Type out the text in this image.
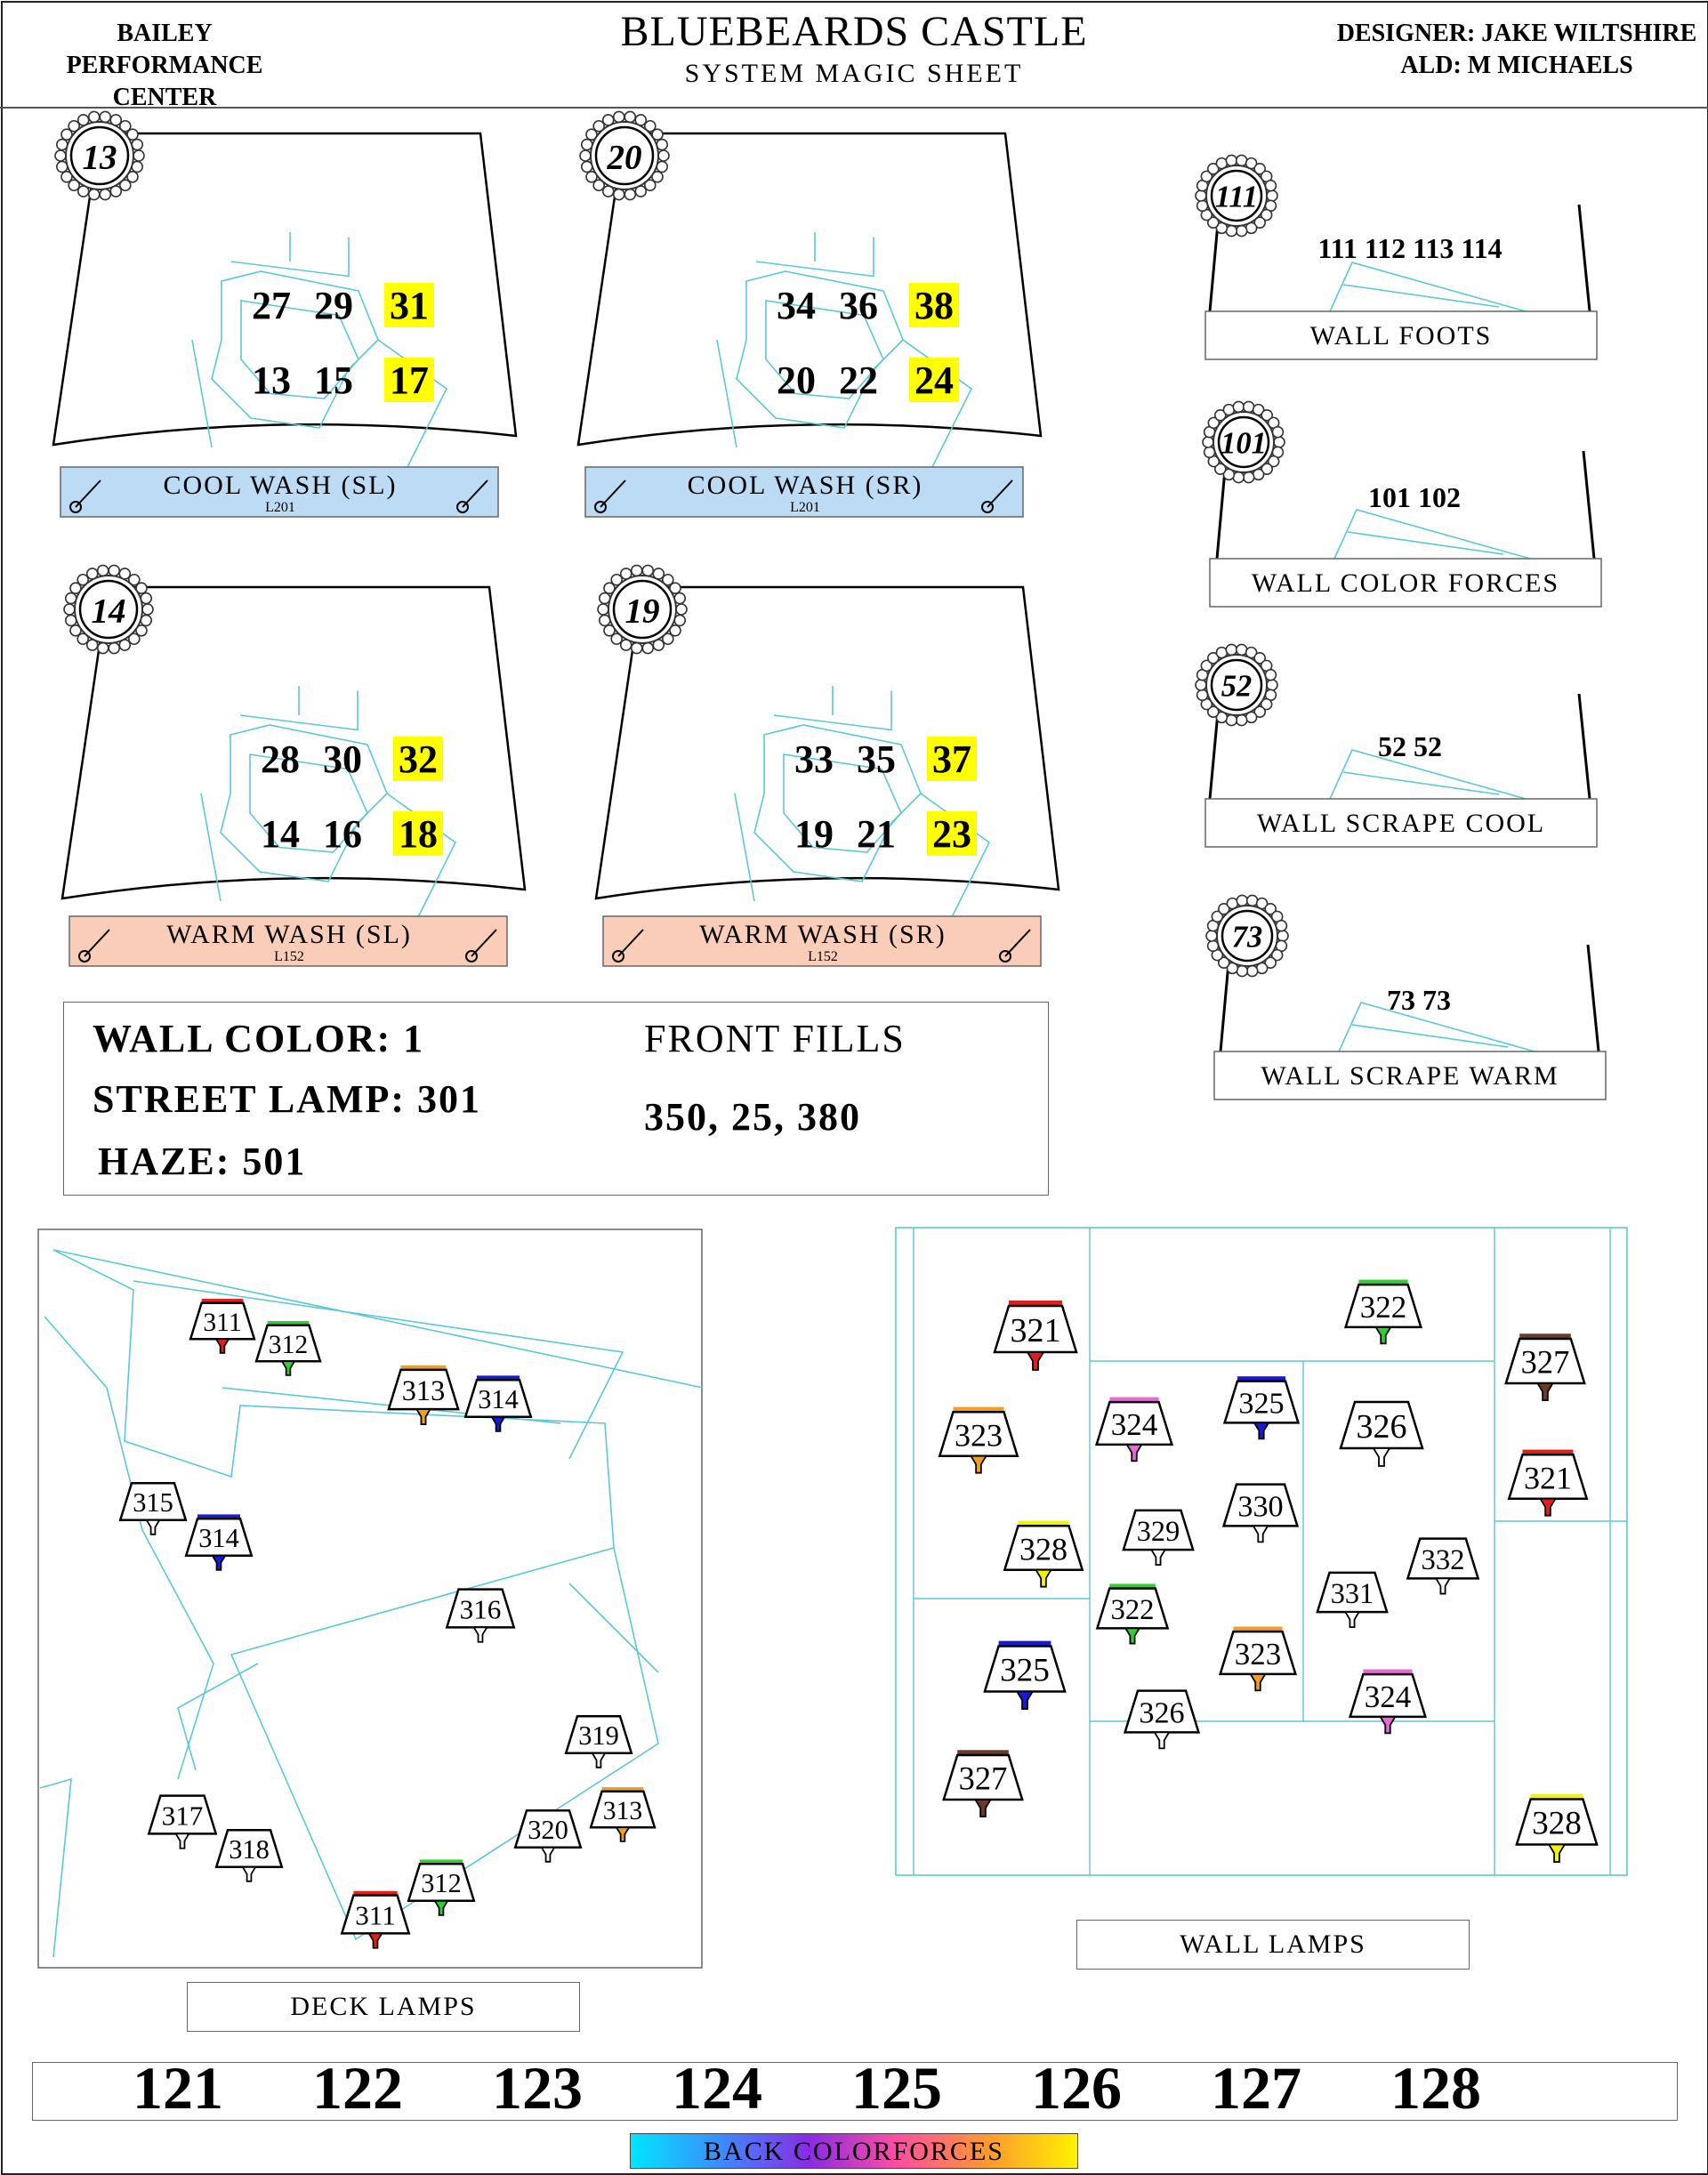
BAILEY PERFORMANCE
CENTER
BLUEBEARDS CASTLE
SYSTEM MAGIC SHEET
DESIGNER: JAKE WILTSHIRE
ALD: M MICHAELS
27 29 31
13 15 17
13
COOL WASH (SL)
L201
34 36 38
20 22 24
20
COOL WASH (SR)
L201
28 30 32
14 16 18
14
WARM WASH (SL)
L152
33 35 37
19 21 23
19
WARM WASH (SR)
L152
111 112 113 114
111
WALL FOOTS
101 102
101
WALL COLOR FORCES
52 52
52
WALL SCRAPE COOL
73 73
73
WALL SCRAPE WARM
311
312
313 314
315
314
316
319
313
320
317
318
312
311
321
322
327
323	324
325
326
321
328
329
330
332
331
322
323
325
324
326
327
328
WALL COLOR: 1
STREET LAMP: 301
HAZE: 501
FRONT FILLS
350, 25, 380
DECK LAMPS
WALL LAMPS
121 122 123 124 125 126 127 128
BACK COLORFORCES
